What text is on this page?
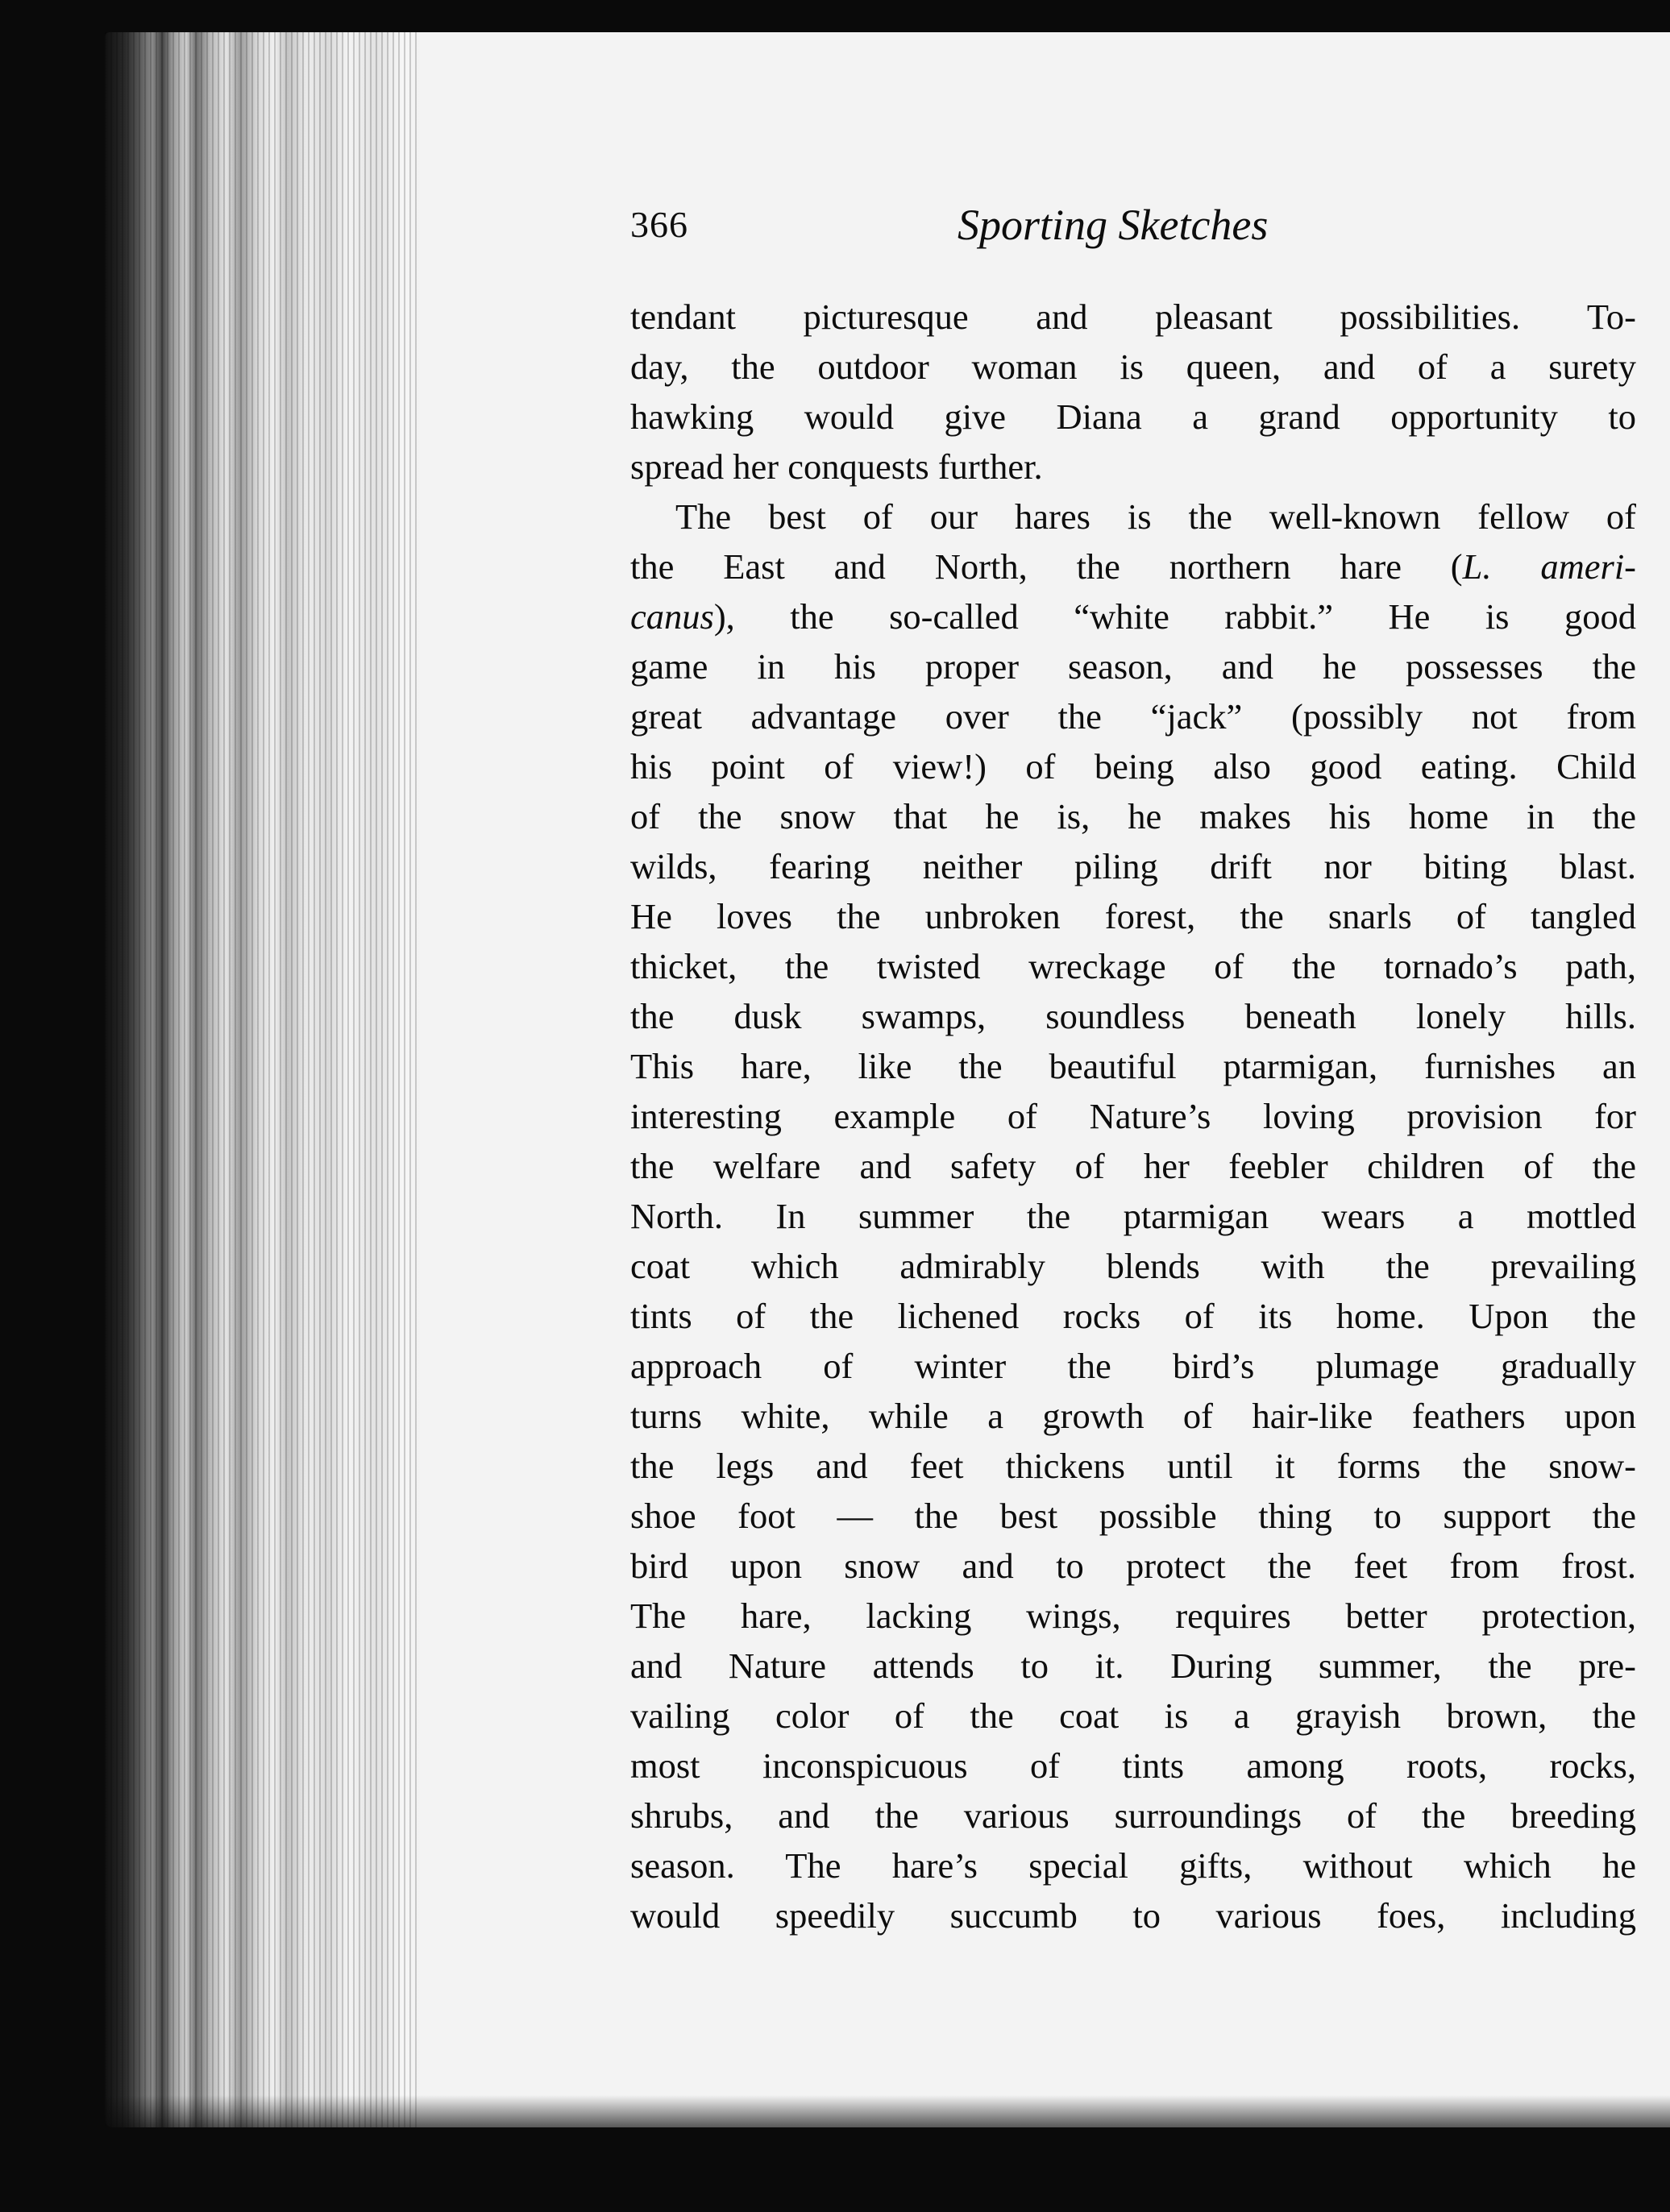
366	Sporting Sketches
tendant picturesque and pleasant possibilities. To-
day, the outdoor woman is queen, and of a surety
hawking would give Diana a grand opportunity to
spread her conquests further.
The best of our hares is the well-known fellow of
the East and North, the northern hare (L. ameri-
canus), the so-called “white rabbit.” He is good
game in his proper season, and he possesses the
great advantage over the “jack” (possibly not from
his point of view!) of being also good eating. Child
of the snow that he is, he makes his home in the
wilds, fearing neither piling drift nor biting blast.
He loves the unbroken forest, the snarls of tangled
thicket, the twisted wreckage of the tornado’s path,
the dusk swamps, soundless beneath lonely hills.
This hare, like the beautiful ptarmigan, furnishes an
interesting example of Nature’s loving provision for
the welfare and safety of her feebler children of the
North. In summer the ptarmigan wears a mottled
coat which admirably blends with the prevailing
tints of the lichened rocks of its home. Upon the
approach of winter the bird’s plumage gradually
turns white, while a growth of hair-like feathers upon
the legs and feet thickens until it forms the snow-
shoe foot — the best possible thing to support the
bird upon snow and to protect the feet from frost.
The hare, lacking wings, requires better protection,
and Nature attends to it. During summer, the pre-
vailing color of the coat is a grayish brown, the
most inconspicuous of tints among roots, rocks,
shrubs, and the various surroundings of the breeding
season. The hare’s special gifts, without which he
would speedily succumb to various foes, including
